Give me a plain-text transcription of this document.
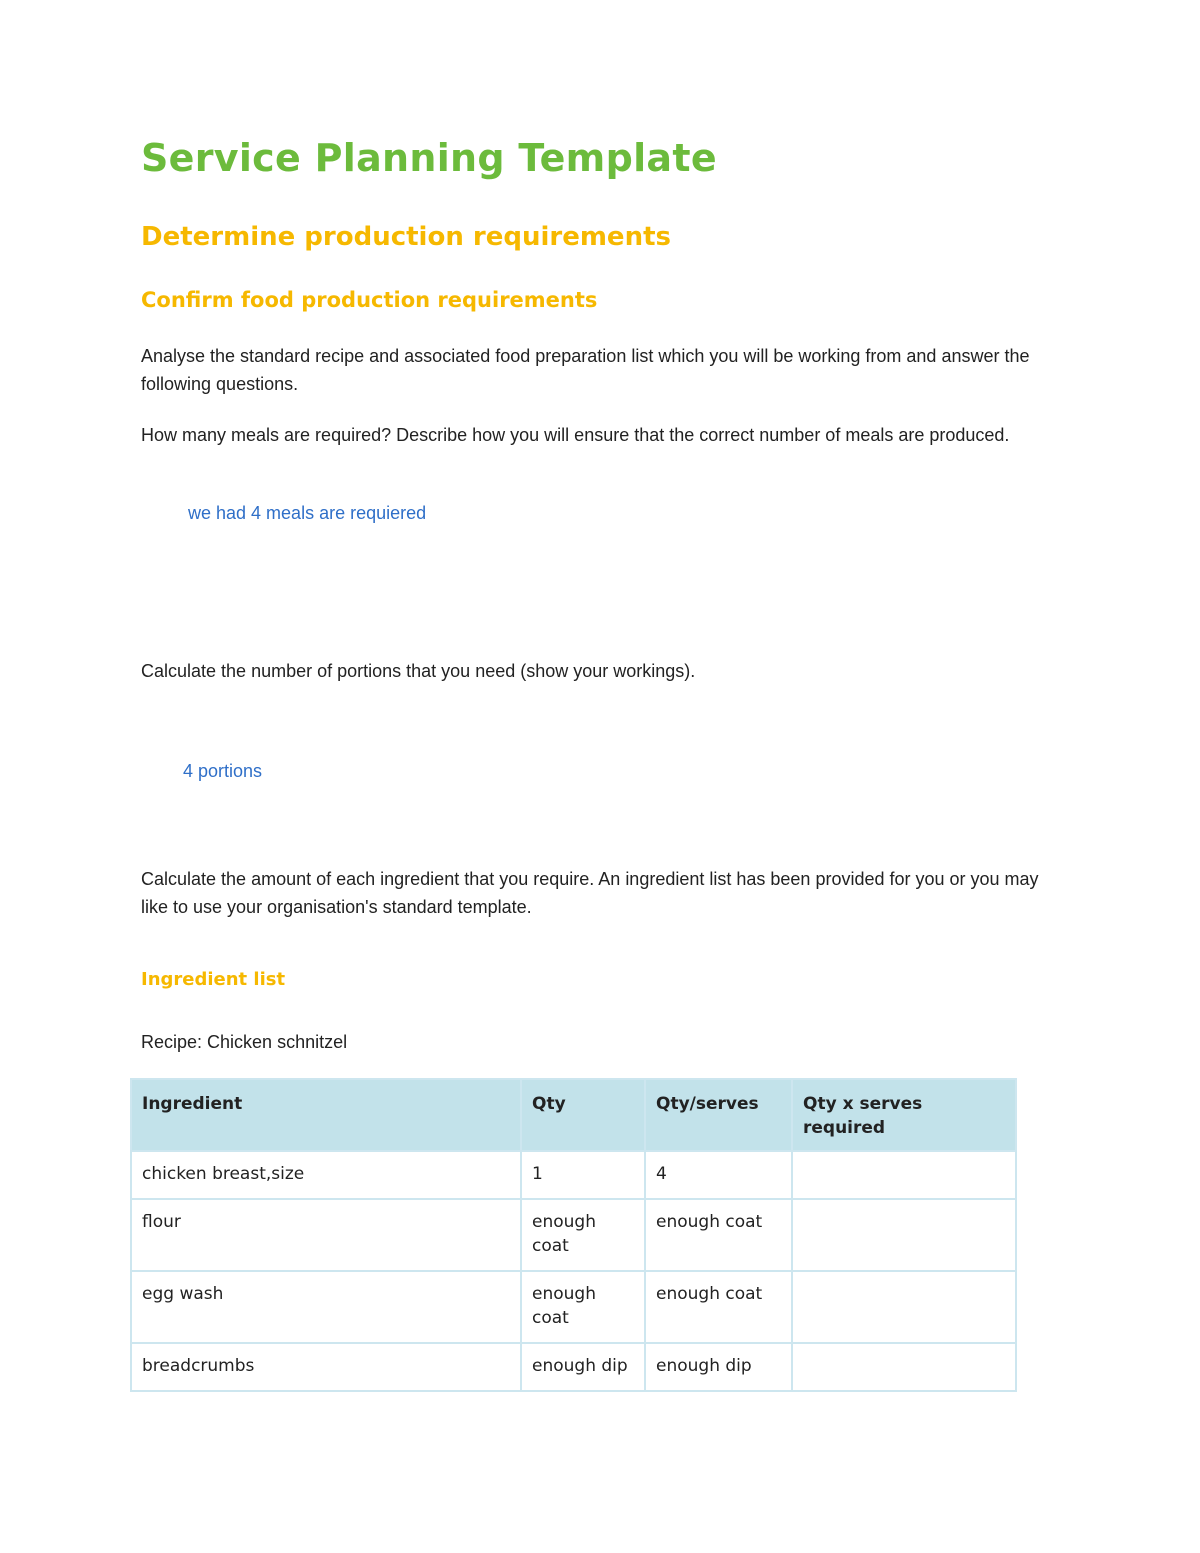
Service Planning Template
Determine production requirements
Confirm food production requirements
Analyse the standard recipe and associated food preparation list which you will be working from and answer the following questions.
How many meals are required? Describe how you will ensure that the correct number of meals are produced.
we had 4 meals are requiered
Calculate the number of portions that you need (show your workings).
4 portions
Calculate the amount of each ingredient that you require. An ingredient list has been provided for you or you may like to use your organisation's standard template.
Ingredient list
Recipe: Chicken schnitzel
Ingredient	Qty	Qty/serves	Qty x serves required
chicken breast,size	1	4	
flour	enough coat	enough coat	
egg wash	enough coat	enough coat	
breadcrumbs	enough dip	enough dip	
